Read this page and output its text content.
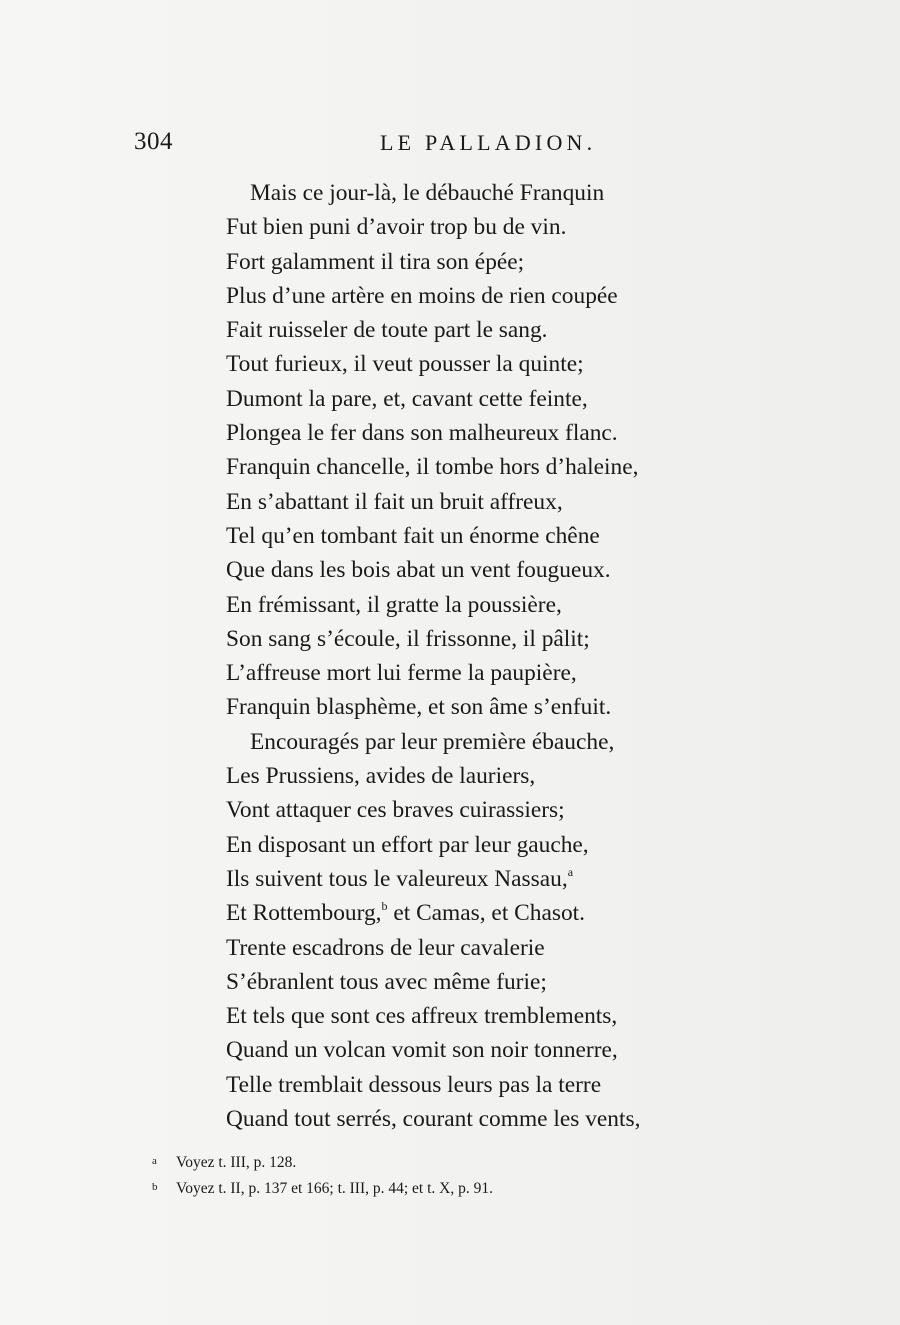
304	LE PALLADION.
Mais ce jour-là, le débauché Franquin
Fut bien puni d’avoir trop bu de vin.
Fort galamment il tira son épée;
Plus d’une artère en moins de rien coupée
Fait ruisseler de toute part le sang.
Tout furieux, il veut pousser la quinte;
Dumont la pare, et, cavant cette feinte,
Plongea le fer dans son malheureux flanc.
Franquin chancelle, il tombe hors d’haleine,
En s’abattant il fait un bruit affreux,
Tel qu’en tombant fait un énorme chêne
Que dans les bois abat un vent fougueux.
En frémissant, il gratte la poussière,
Son sang s’écoule, il frissonne, il pâlit;
L’affreuse mort lui ferme la paupière,
Franquin blasphème, et son âme s’enfuit.
Encouragés par leur première ébauche,
Les Prussiens, avides de lauriers,
Vont attaquer ces braves cuirassiers;
En disposant un effort par leur gauche,
Ils suivent tous le valeureux Nassau,$^a$
Et Rottembourg,$^b$ et Camas, et Chasot.
Trente escadrons de leur cavalerie
S’ébranlent tous avec même furie;
Et tels que sont ces affreux tremblements,
Quand un volcan vomit son noir tonnerre,
Telle tremblait dessous leurs pas la terre
Quand tout serrés, courant comme les vents,
a Voyez t. III, p. 128.
b Voyez t. II, p. 137 et 166; t. III, p. 44; et t. X, p. 91.
